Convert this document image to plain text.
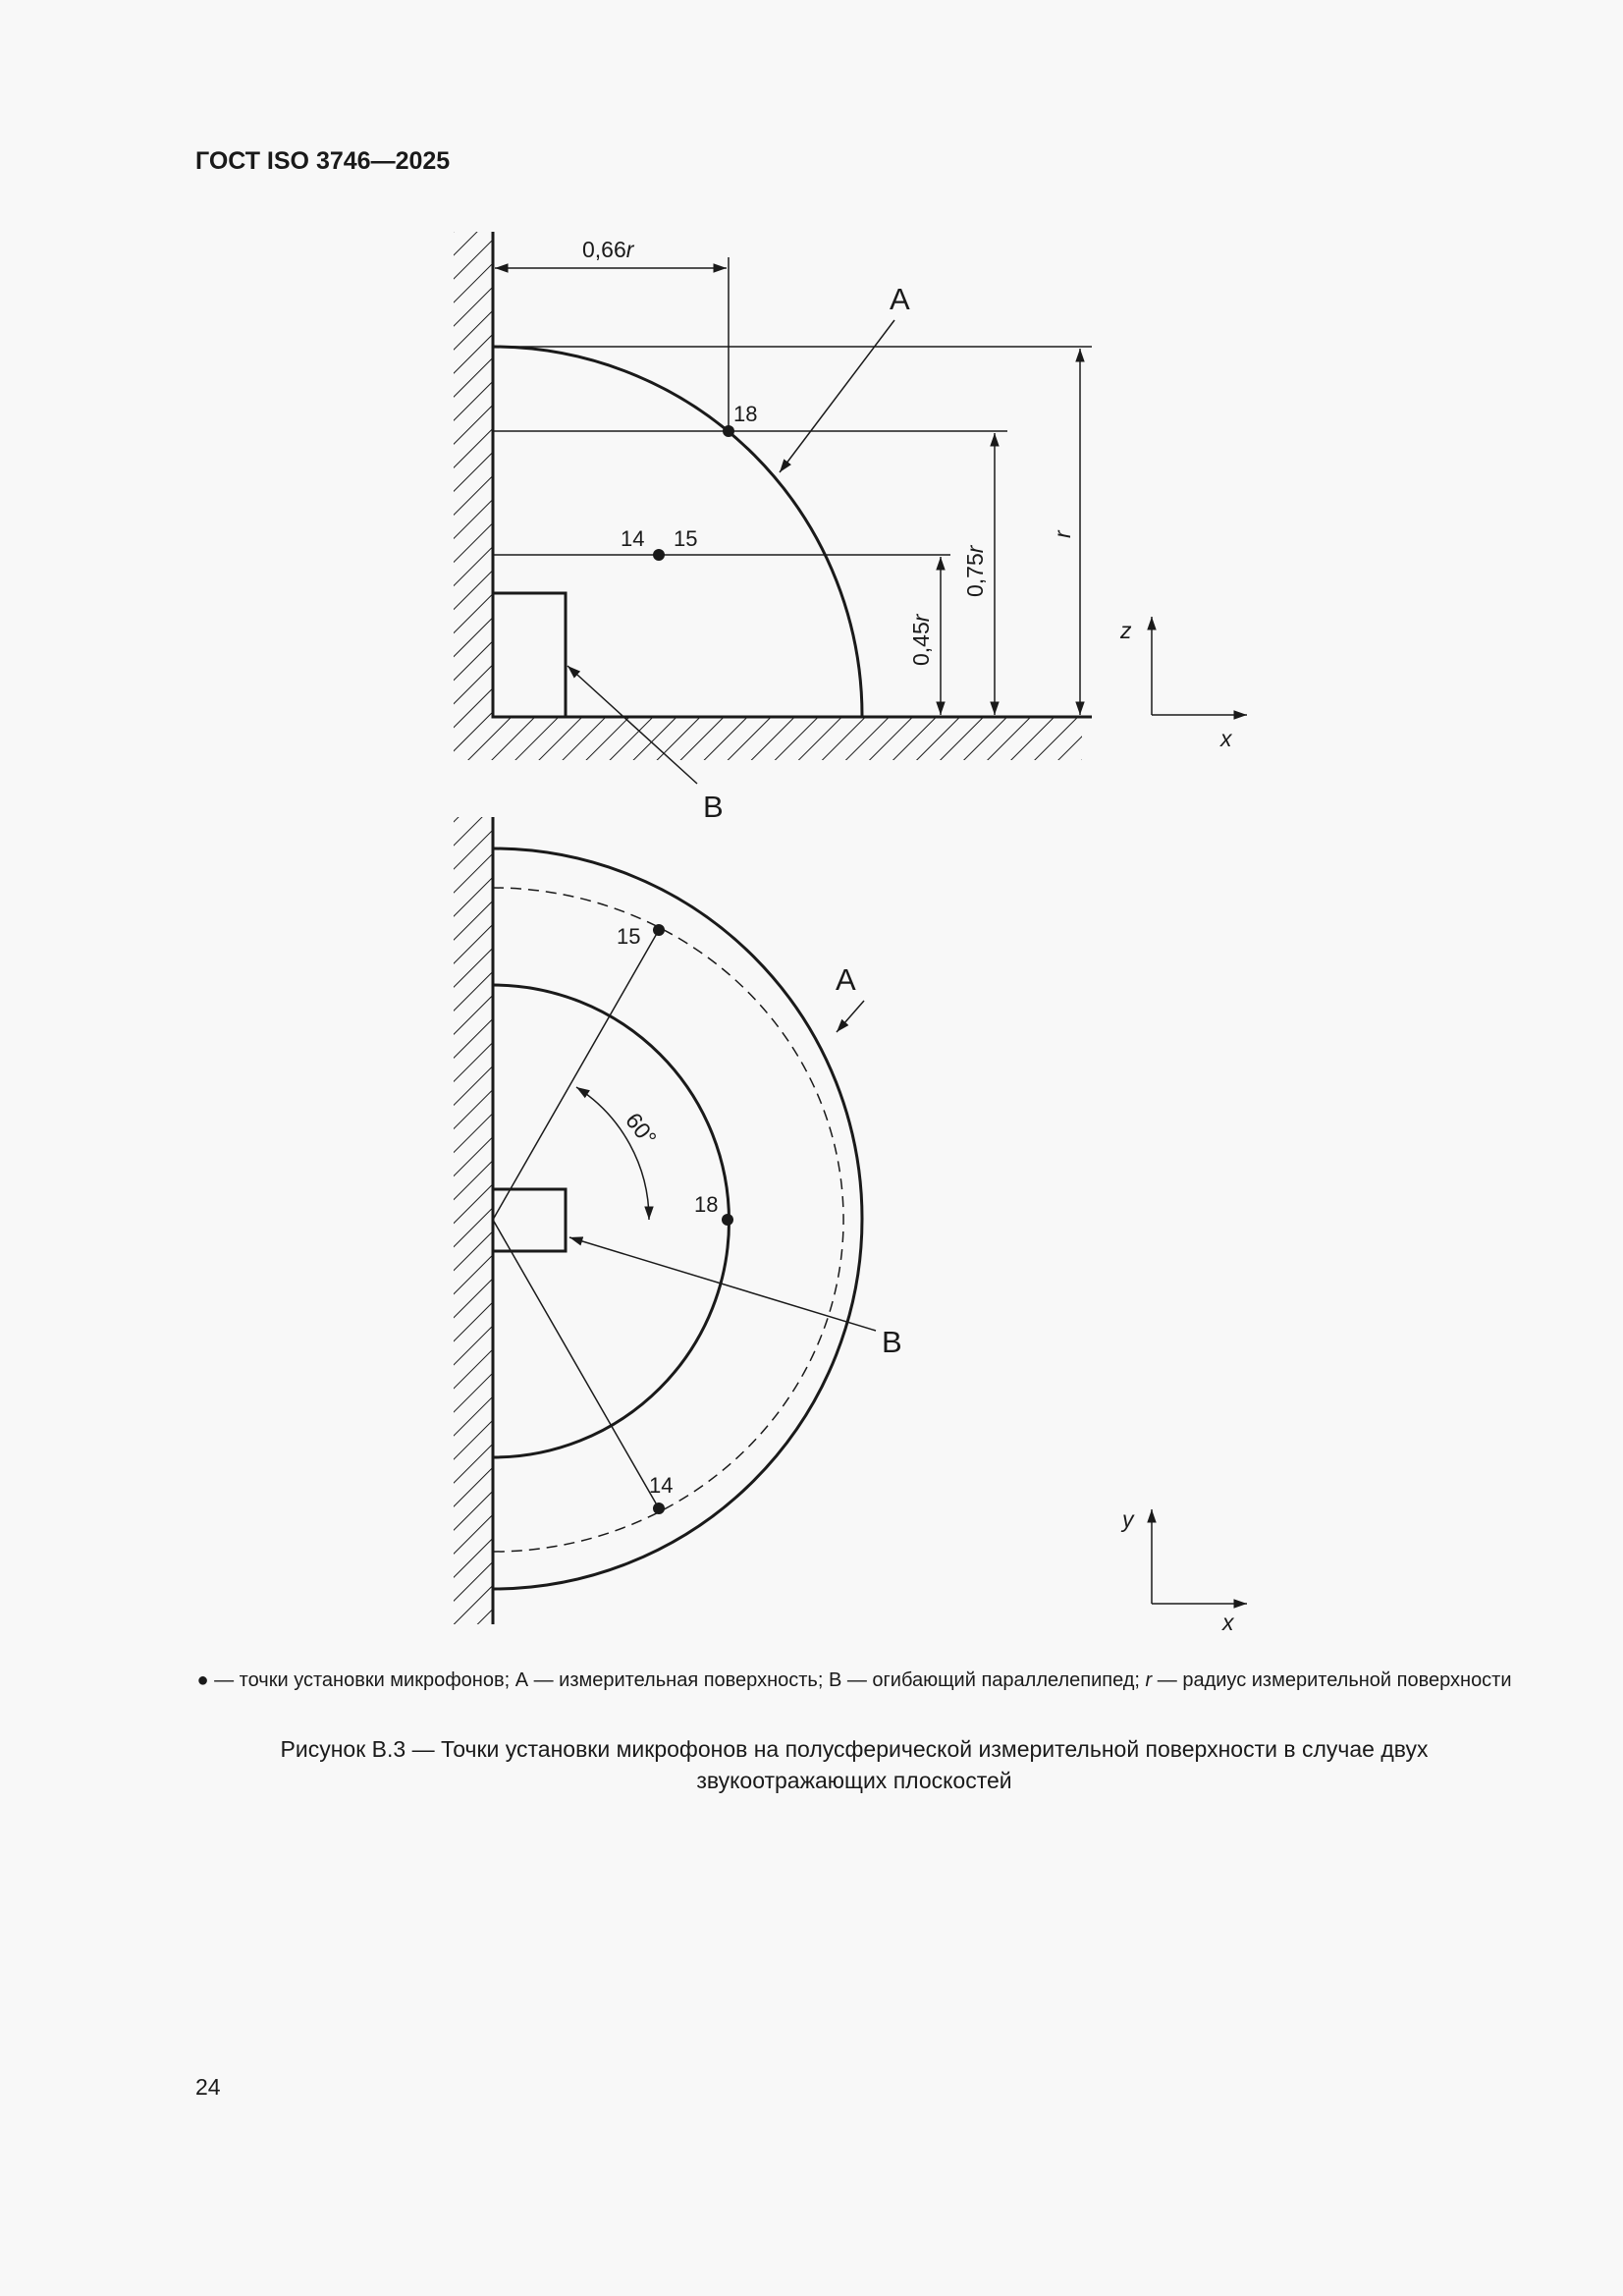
ГОСТ ISO 3746—2025
0,66r
A
18
14 15
0,45r
0,75r
r
B
z
x
15
A
60°
18
B
14
y
x
● — точки установки микрофонов; А — измерительная поверхность; В — огибающий параллелепипед; r — радиус измерительной поверхности
Рисунок В.3 — Точки установки микрофонов на полусферической измерительной поверхности в случае двух звукоотражающих плоскостей
24
